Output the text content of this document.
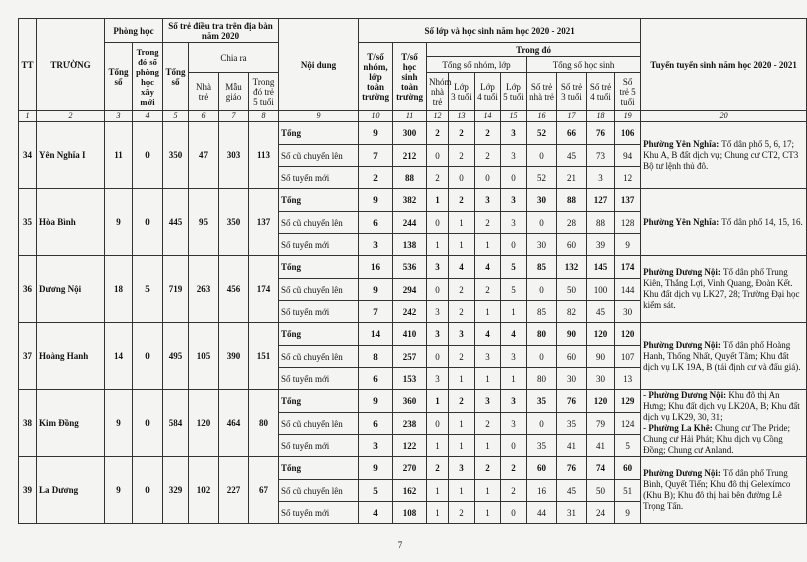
TT	TRƯỜNG	Phòng học		Số trẻ điều tra trên địa bàn năm 2020				Nội dung	Số lớp và học sinh năm học 2020 - 2021										Tuyến tuyển sinh năm học 2020 - 2021
		Tổng số	Trong đó số phòng học xây mới	Tổng số	Chia ra				T/số nhóm, lớp toàn trường	T/số học sinh toàn trường	Trong đó								
											Tổng số nhóm, lớp				Tổng số học sinh				
					Nhà trẻ	Mẫu giáo	Trong đó trẻ 5 tuổi				Nhóm nhà trẻ	Lớp 3 tuổi	Lớp 4 tuổi	Lớp 5 tuổi	Số trẻ nhà trẻ	Số trẻ 3 tuổi	Số trẻ 4 tuổi	Số trẻ 5 tuổi	
1	2	3	4	5	6	7	8	9	10	11	12	13	14	15	16	17	18	19	20
34	Yên Nghĩa I	11	0	350	47	303	113	Tổng	9	300	2	2	2	3	52	66	76	106	Phường Yên Nghĩa: Tổ dân phố 5, 6, 17; Khu A, B đất dịch vụ; Chung cư CT2, CT3 Bộ tư lệnh thủ đô.
								Số cũ chuyển lên	7	212	0	2	2	3	0	45	73	94	
								Số tuyển mới	2	88	2	0	0	0	52	21	3	12	
35	Hòa Bình	9	0	445	95	350	137	Tổng	9	382	1	2	3	3	30	88	127	137	Phường Yên Nghĩa: Tổ dân phố 14, 15, 16.
								Số cũ chuyển lên	6	244	0	1	2	3	0	28	88	128	
								Số tuyển mới	3	138	1	1	1	0	30	60	39	9	
36	Dương Nội	18	5	719	263	456	174	Tổng	16	536	3	4	4	5	85	132	145	174	Phường Dương Nội: Tổ dân phố Trung Kiên, Thắng Lợi, Vinh Quang, Đoàn Kết. Khu đất dịch vụ LK27, 28; Trường Đại học kiểm sát.
								Số cũ chuyển lên	9	294	0	2	2	5	0	50	100	144	
								Số tuyển mới	7	242	3	2	1	1	85	82	45	30	
37	Hoàng Hanh	14	0	495	105	390	151	Tổng	14	410	3	3	4	4	80	90	120	120	Phường Dương Nội: Tổ dân phố Hoàng Hanh, Thống Nhất, Quyết Tâm; Khu đất dịch vụ LK 19A, B (tái định cư và đấu giá).
								Số cũ chuyển lên	8	257	0	2	3	3	0	60	90	107	
								Số tuyển mới	6	153	3	1	1	1	80	30	30	13	
38	Kim Đồng	9	0	584	120	464	80	Tổng	9	360	1	2	3	3	35	76	120	129	- Phường Dương Nội: Khu đô thị An Hưng; Khu đất dịch vụ LK20A, B; Khu đất dịch vụ LK29, 30, 31;
- Phường La Khê: Chung cư The Pride; Chung cư Hải Phát; Khu dịch vụ Cồng Đồng; Chung cư Anland.
								Số cũ chuyển lên	6	238	0	1	2	3	0	35	79	124	
								Số tuyển mới	3	122	1	1	1	0	35	41	41	5	
39	La Dương	9	0	329	102	227	67	Tổng	9	270	2	3	2	2	60	76	74	60	Phường Dương Nội: Tổ dân phố Trung Bình, Quyết Tiến; Khu đô thị Gelexímco (Khu B); Khu đô thị hai bên đường Lê Trọng Tấn.
								Số cũ chuyển lên	5	162	1	1	1	2	16	45	50	51	
								Số tuyển mới	4	108	1	2	1	0	44	31	24	9	
7
